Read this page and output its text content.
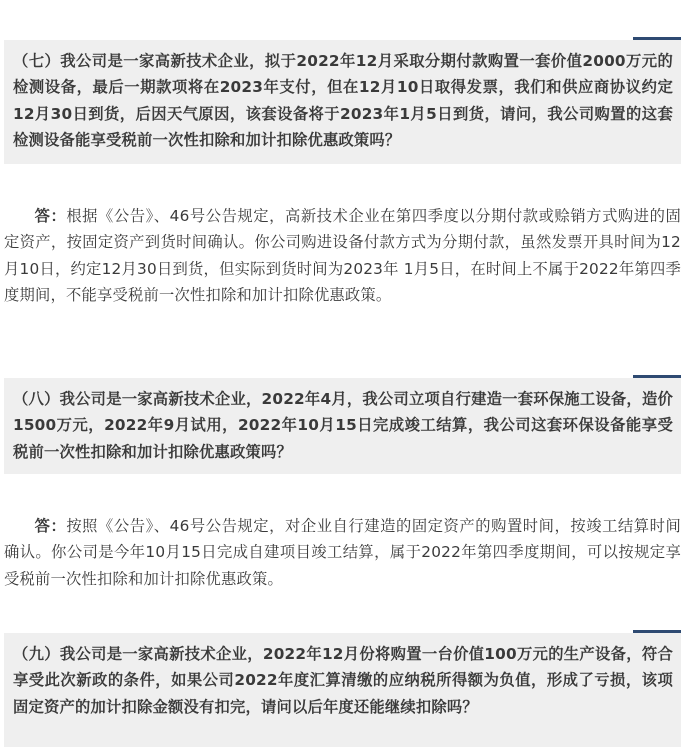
（七）我公司是一家高新技术企业，拟于2022年12月采取分期付款购置一套价值2000万元的检测设备，最后一期款项将在2023年支付，但在12月10日取得发票，我们和供应商协议约定12月30日到货，后因天气原因，该套设备将于2023年1月5日到货，请问，我公司购置的这套检测设备能享受税前一次性扣除和加计扣除优惠政策吗？

答：根据《公告》、46号公告规定，高新技术企业在第四季度以分期付款或赊销方式购进的固定资产，按固定资产到货时间确认。你公司购进设备付款方式为分期付款，虽然发票开具时间为12月10日，约定12月30日到货，但实际到货时间为2023年 1月5日，在时间上不属于2022年第四季度期间，不能享受税前一次性扣除和加计扣除优惠政策。

（八）我公司是一家高新技术企业，2022年4月，我公司立项自行建造一套环保施工设备，造价1500万元，2022年9月试用，2022年10月15日完成竣工结算，我公司这套环保设备能享受税前一次性扣除和加计扣除优惠政策吗？

答：按照《公告》、46号公告规定，对企业自行建造的固定资产的购置时间，按竣工结算时间确认。你公司是今年10月15日完成自建项目竣工结算，属于2022年第四季度期间，可以按规定享受税前一次性扣除和加计扣除优惠政策。

（九）我公司是一家高新技术企业，2022年12月份将购置一台价值100万元的生产设备，符合享受此次新政的条件，如果公司2022年度汇算清缴的应纳税所得额为负值，形成了亏损，该项固定资产的加计扣除金额没有扣完，请问以后年度还能继续扣除吗？
